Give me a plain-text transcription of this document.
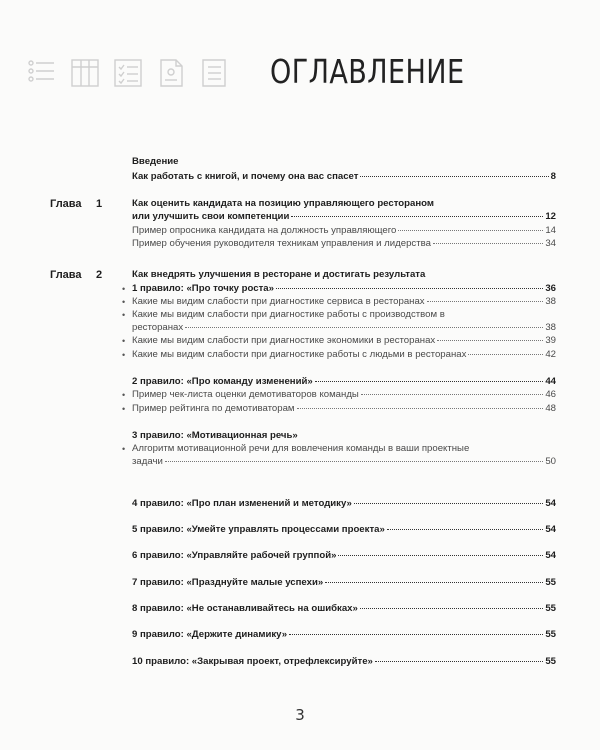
ОГЛАВЛЕНИЕ
Введение
Как работать с книгой, и почему она вас спасет	8
Глава 1	Как оценить кандидата на позицию управляющего рестораном
или улучшить свои компетенции	12
Пример опросника кандидата на должность управляющего	14
Пример обучения руководителя техникам управления и лидерства	34
Глава 2	Как внедрять улучшения в ресторане и достигать результата
• 1 правило: «Про точку роста»	36
• Какие мы видим слабости при диагностике сервиса в ресторанах	38
• Какие мы видим слабости при диагностике работы с производством в
ресторанах	38
• Какие мы видим слабости при диагностике экономики в ресторанах	39
• Какие мы видим слабости при диагностике работы с людьми в ресторанах	42
2 правило: «Про команду изменений»	44
• Пример чек-листа оценки демотиваторов команды	46
• Пример рейтинга по демотиваторам	48
3 правило: «Мотивационная речь»
• Алгоритм мотивационной речи для вовлечения команды в ваши проектные
задачи	50
4 правило: «Про план изменений и методику»	54
5 правило: «Умейте управлять процессами проекта»	54
6 правило: «Управляйте рабочей группой»	54
7 правило: «Празднуйте малые успехи»	55
8 правило: «Не останавливайтесь на ошибках»	55
9 правило: «Держите динамику»	55
10 правило: «Закрывая проект, отрефлексируйте»	55
3
